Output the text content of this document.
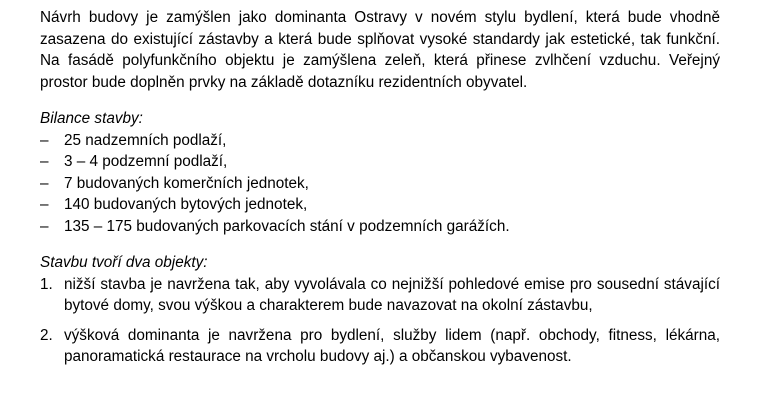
Návrh budovy je zamýšlen jako dominanta Ostravy v novém stylu bydlení, která bude vhodně zasazena do existující zástavby a která bude splňovat vysoké standardy jak estetické, tak funkční. Na fasádě polyfunkčního objektu je zamýšlena zeleň, která přinese zvlhčení vzduchu. Veřejný prostor bude doplněn prvky na základě dotazníku rezidentních obyvatel.

Bilance stavby:

– 25 nadzemních podlaží,
– 3 – 4 podzemní podlaží,
– 7 budovaných komerčních jednotek,
– 140 budovaných bytových jednotek,
– 135 – 175 budovaných parkovacích stání v podzemních garážích.

Stavbu tvoří dva objekty:

1. nižší stavba je navržena tak, aby vyvolávala co nejnižší pohledové emise pro sousední stávající bytové domy, svou výškou a charakterem bude navazovat na okolní zástavbu,
2. výšková dominanta je navržena pro bydlení, služby lidem (např. obchody, fitness, lékárna, panoramatická restaurace na vrcholu budovy aj.) a občanskou vybavenost.
